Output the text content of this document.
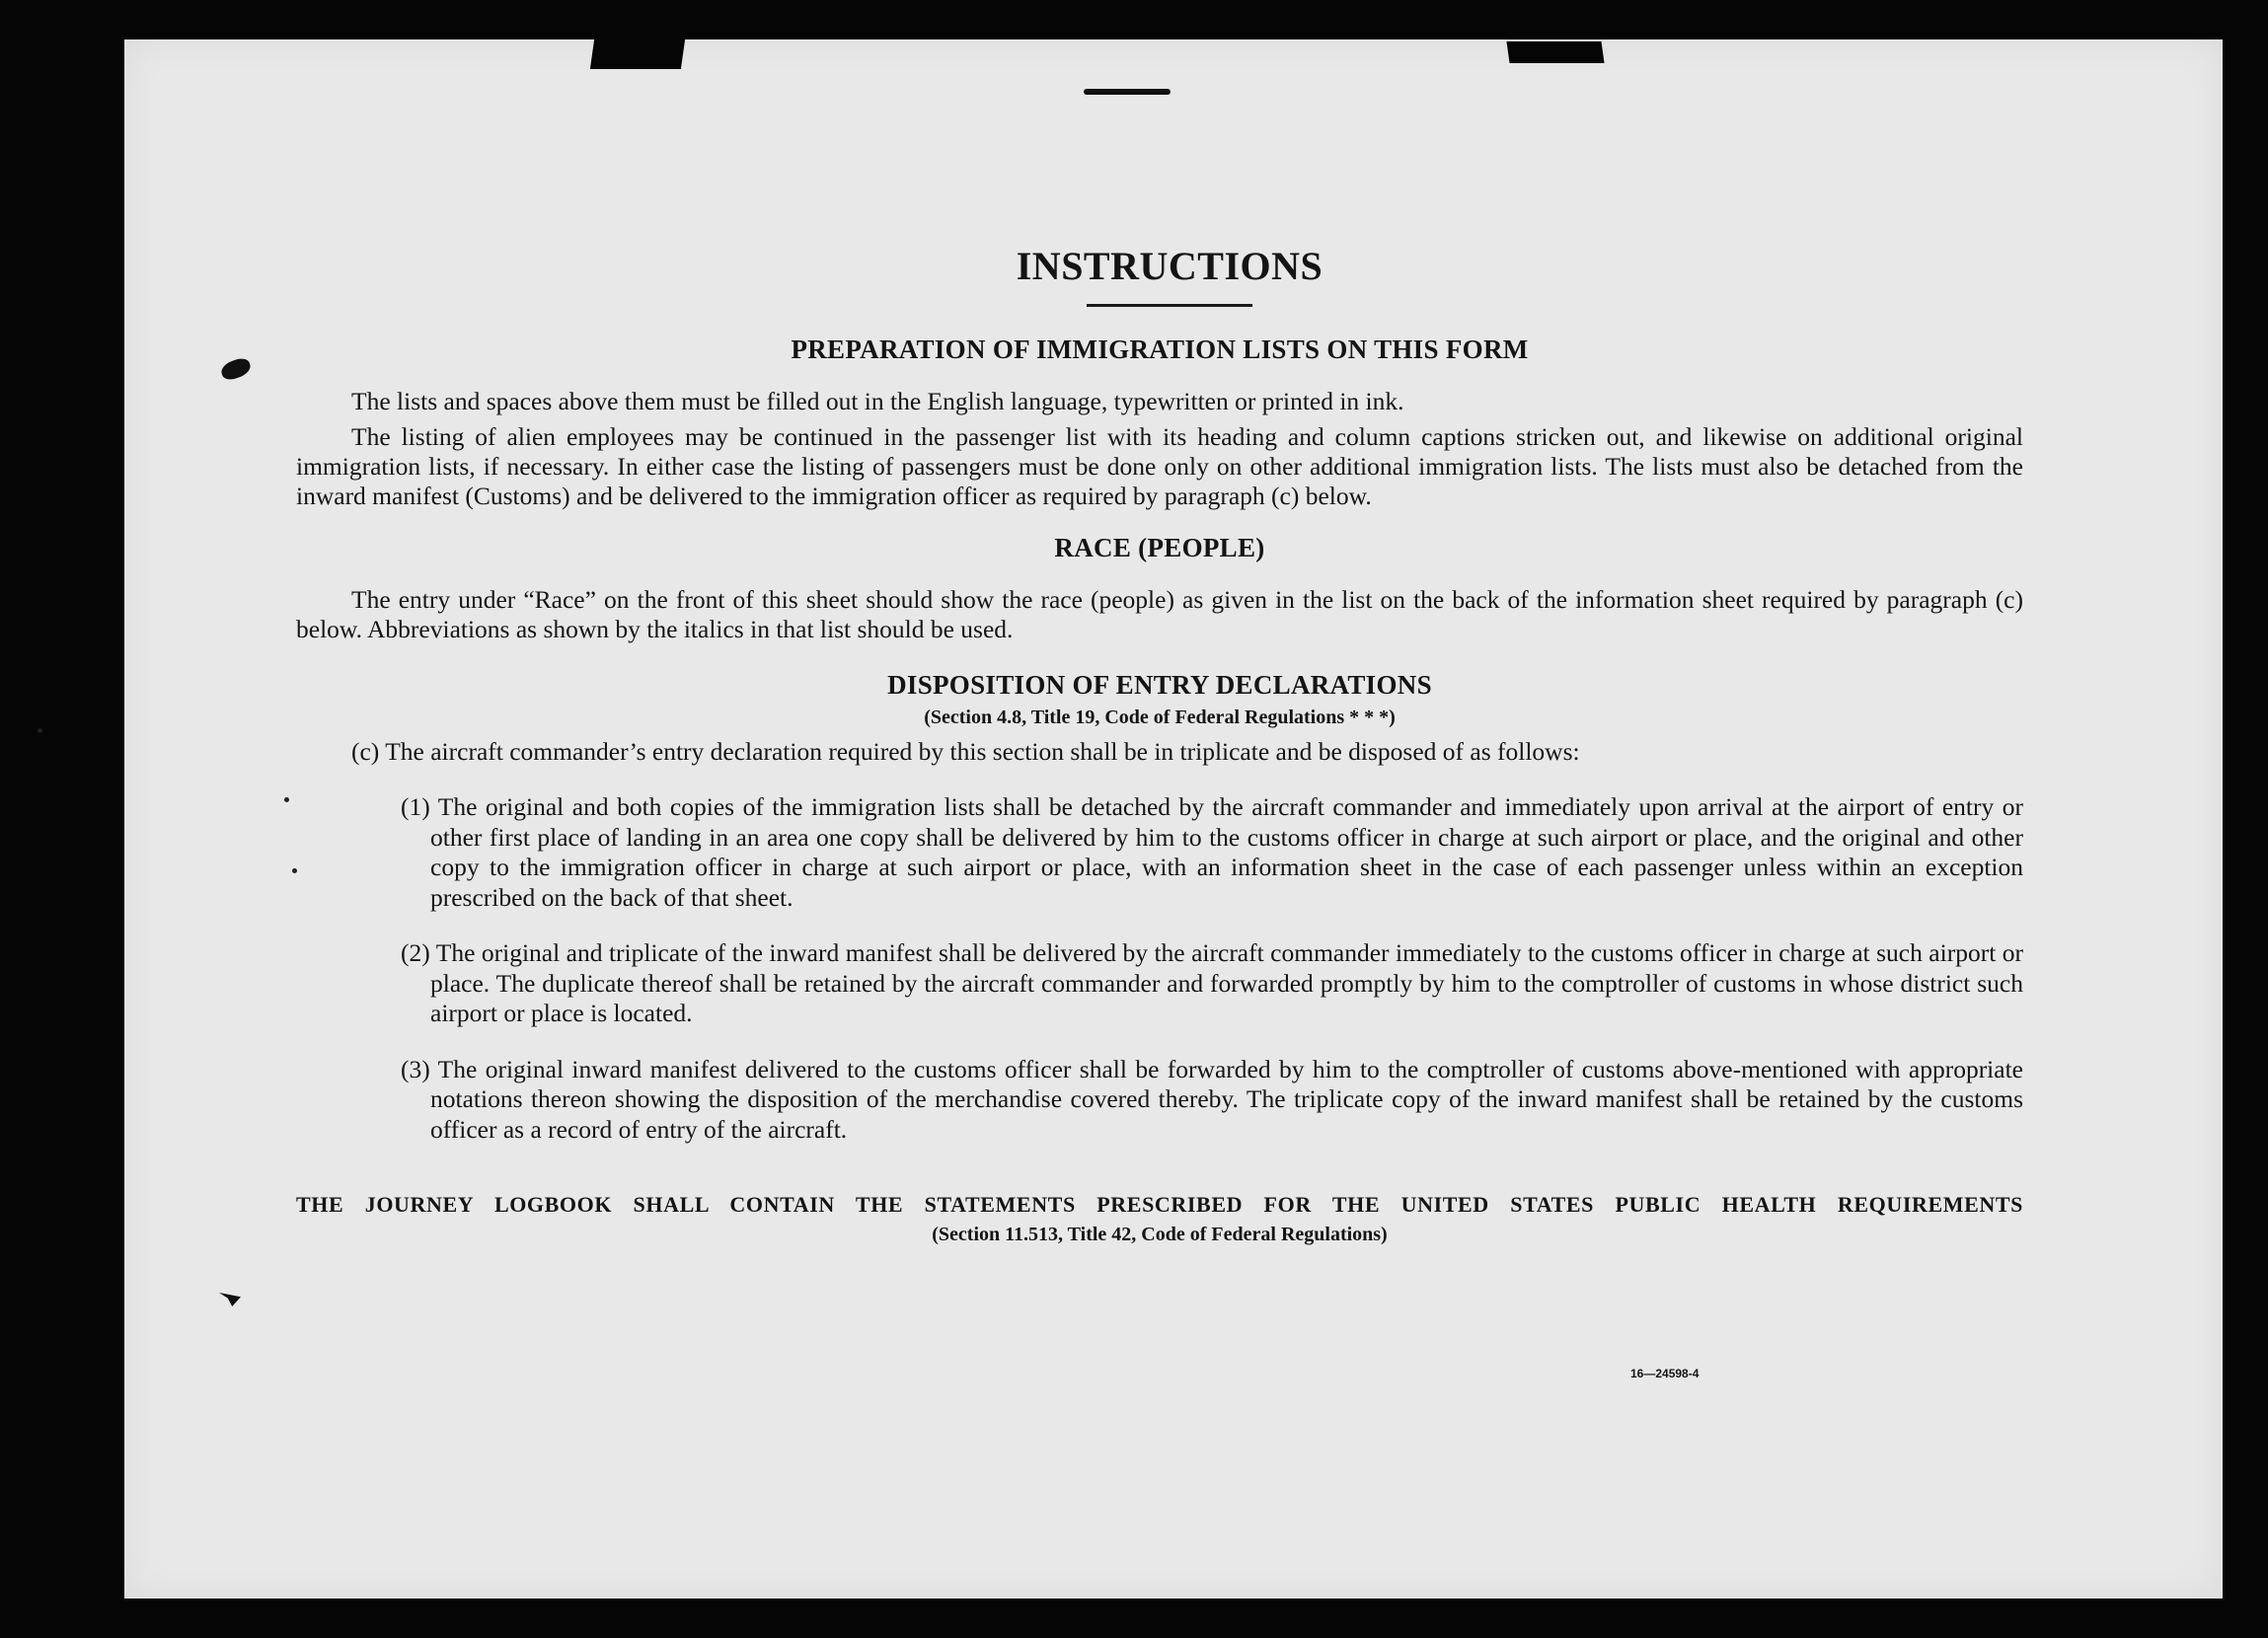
INSTRUCTIONS
PREPARATION OF IMMIGRATION LISTS ON THIS FORM

The lists and spaces above them must be filled out in the English language, typewritten or printed in ink.

The listing of alien employees may be continued in the passenger list with its heading and column captions stricken out, and likewise on additional original immigration lists, if necessary. In either case the listing of passengers must be done only on other additional immigration lists. The lists must also be detached from the inward manifest (Customs) and be delivered to the immigration officer as required by paragraph (c) below.

RACE (PEOPLE)

The entry under “Race” on the front of this sheet should show the race (people) as given in the list on the back of the information sheet required by paragraph (c) below. Abbreviations as shown by the italics in that list should be used.

DISPOSITION OF ENTRY DECLARATIONS
(Section 4.8, Title 19, Code of Federal Regulations * * *)
(c) The aircraft commander’s entry declaration required by this section shall be in triplicate and be disposed of as follows:
(1) The original and both copies of the immigration lists shall be detached by the aircraft commander and immediately upon arrival at the airport of entry or other first place of landing in an area one copy shall be delivered by him to the customs officer in charge at such airport or place, and the original and other copy to the immigration officer in charge at such airport or place, with an information sheet in the case of each passenger unless within an exception prescribed on the back of that sheet.
(2) The original and triplicate of the inward manifest shall be delivered by the aircraft commander immediately to the customs officer in charge at such airport or place. The duplicate thereof shall be retained by the aircraft commander and forwarded promptly by him to the comptroller of customs in whose district such airport or place is located.
(3) The original inward manifest delivered to the customs officer shall be forwarded by him to the comptroller of customs above-mentioned with appropriate notations thereon showing the disposition of the merchandise covered thereby. The triplicate copy of the inward manifest shall be retained by the customs officer as a record of entry of the aircraft.
THE JOURNEY LOGBOOK SHALL CONTAIN THE STATEMENTS PRESCRIBED FOR THE UNITED STATES PUBLIC HEALTH REQUIREMENTS
(Section 11.513, Title 42, Code of Federal Regulations)
16—24598-4
